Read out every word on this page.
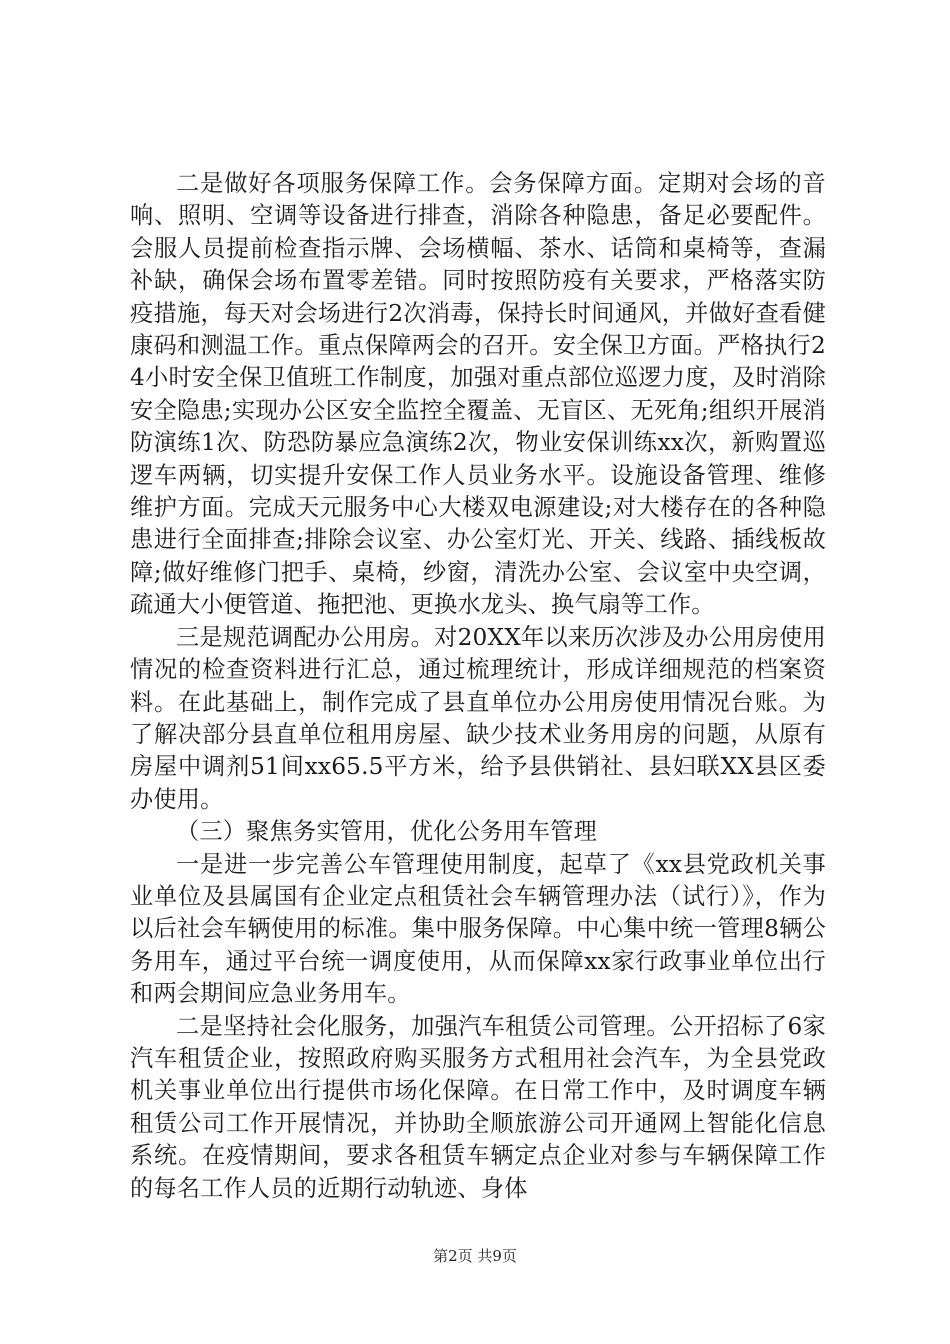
二是做好各项服务保障工作。会务保障方面。定期对会场的音响、照明、空调等设备进行排查，消除各种隐患，备足必要配件。会服人员提前检查指示牌、会场横幅、茶水、话筒和桌椅等，查漏补缺，确保会场布置零差错。同时按照防疫有关要求，严格落实防疫措施，每天对会场进行2次消毒，保持长时间通风，并做好查看健康码和测温工作。重点保障两会的召开。安全保卫方面。严格执行24小时安全保卫值班工作制度，加强对重点部位巡逻力度，及时消除安全隐患;实现办公区安全监控全覆盖、无盲区、无死角;组织开展消防演练1次、防恐防暴应急演练2次，物业安保训练xx次，新购置巡逻车两辆，切实提升安保工作人员业务水平。设施设备管理、维修维护方面。完成天元服务中心大楼双电源建设;对大楼存在的各种隐患进行全面排查;排除会议室、办公室灯光、开关、线路、插线板故障;做好维修门把手、桌椅，纱窗，清洗办公室、会议室中央空调，疏通大小便管道、拖把池、更换水龙头、换气扇等工作。

三是规范调配办公用房。对20XX年以来历次涉及办公用房使用情况的检查资料进行汇总，通过梳理统计，形成详细规范的档案资料。在此基础上，制作完成了县直单位办公用房使用情况台账。为了解决部分县直单位租用房屋、缺少技术业务用房的问题，从原有房屋中调剂51间xx65.5平方米，给予县供销社、县妇联XX县区委办使用。

（三）聚焦务实管用，优化公务用车管理

一是进一步完善公车管理使用制度，起草了《xx县党政机关事业单位及县属国有企业定点租赁社会车辆管理办法（试行）》，作为以后社会车辆使用的标准。集中服务保障。中心集中统一管理8辆公务用车，通过平台统一调度使用，从而保障xx家行政事业单位出行和两会期间应急业务用车。

二是坚持社会化服务，加强汽车租赁公司管理。公开招标了6家汽车租赁企业，按照政府购买服务方式租用社会汽车，为全县党政机关事业单位出行提供市场化保障。在日常工作中，及时调度车辆租赁公司工作开展情况，并协助全顺旅游公司开通网上智能化信息系统。在疫情期间，要求各租赁车辆定点企业对参与车辆保障工作的每名工作人员的近期行动轨迹、身体

第2页 共9页
